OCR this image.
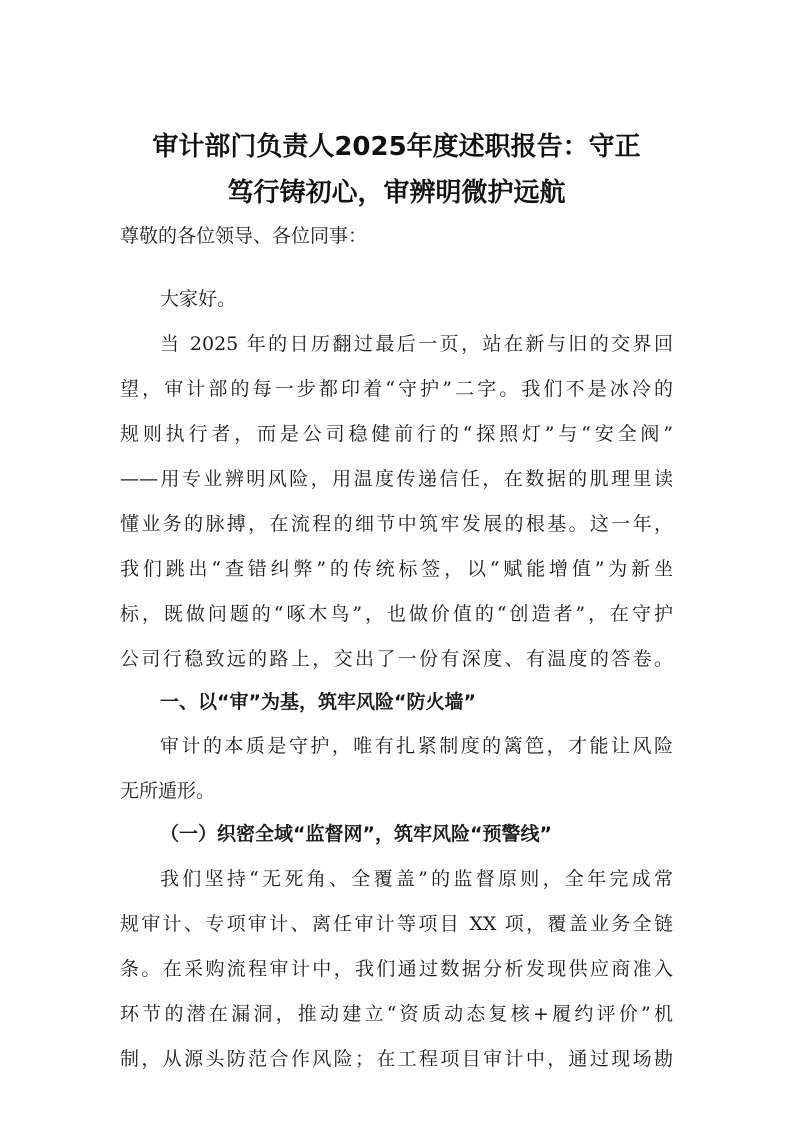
审计部门负责人2025年度述职报告：守正
笃行铸初心，审辨明微护远航
尊敬的各位领导、各位同事：
大家好。
当 2025 年的日历翻过最后一页，站在新与旧的交界回
望，审计部的每一步都印着“守护”二字。我们不是冰冷的
规则执行者，而是公司稳健前行的“探照灯”与“安全阀”
——用专业辨明风险，用温度传递信任，在数据的肌理里读
懂业务的脉搏，在流程的细节中筑牢发展的根基。这一年，
我们跳出“查错纠弊”的传统标签，以“赋能增值”为新坐
标，既做问题的“啄木鸟”，也做价值的“创造者”，在守护
公司行稳致远的路上，交出了一份有深度、有温度的答卷。
一、以“审”为基，筑牢风险“防火墙”
审计的本质是守护，唯有扎紧制度的篱笆，才能让风险
无所遁形。
（一）织密全域“监督网”，筑牢风险“预警线”
我们坚持“无死角、全覆盖”的监督原则，全年完成常
规审计、专项审计、离任审计等项目 XX 项，覆盖业务全链
条。在采购流程审计中，我们通过数据分析发现供应商准入
环节的潜在漏洞，推动建立“资质动态复核+履约评价”机
制，从源头防范合作风险；在工程项目审计中，通过现场勘
